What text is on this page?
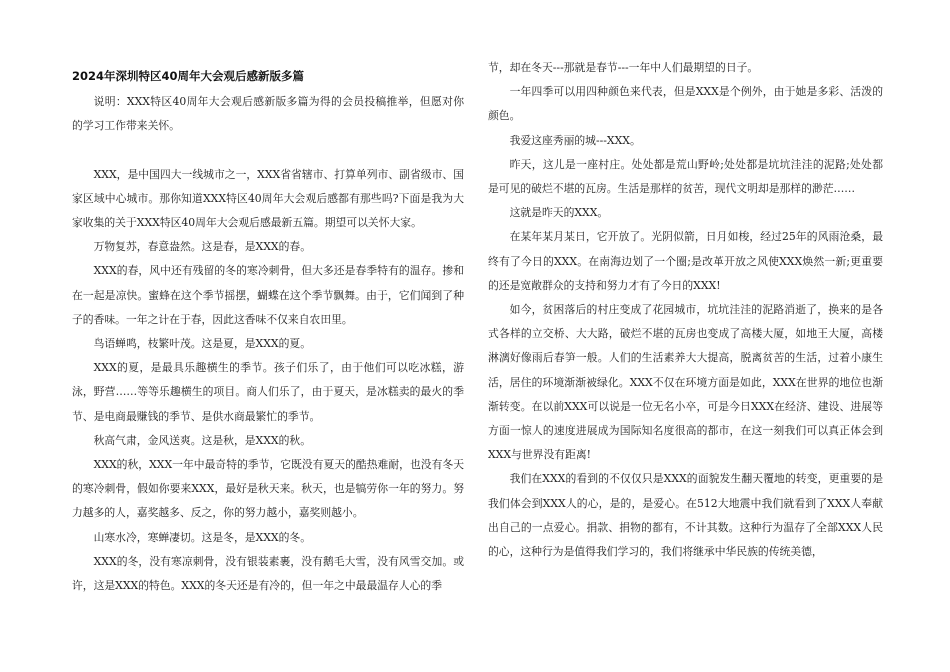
2024年深圳特区40周年大会观后感新版多篇

说明：XXX特区40周年大会观后感新版多篇为得的会员投稿推举，但愿对你的学习工作带来关怀。

XXX，是中国四大一线城市之一，XXX省省辖市、打算单列市、副省级市、国家区域中心城市。那你知道XXX特区40周年大会观后感都有那些吗?下面是我为大家收集的关于XXX特区40周年大会观后感最新五篇。期望可以关怀大家。

万物复苏，春意盎然。这是春，是XXX的春。

XXX的春，风中还有残留的冬的寒冷刺骨，但大多还是春季特有的温存。掺和在一起是凉快。蜜蜂在这个季节摇摆，蝴蝶在这个季节飘舞。由于，它们闻到了种子的香味。一年之计在于春，因此这香味不仅来自农田里。

鸟语蝉鸣，枝繁叶茂。这是夏，是XXX的夏。

XXX的夏，是最具乐趣横生的季节。孩子们乐了，由于他们可以吃冰糕，游泳，野营……等等乐趣横生的项目。商人们乐了，由于夏天，是冰糕卖的最火的季节、是电商最赚钱的季节、是供水商最繁忙的季节。

秋高气肃，金风送爽。这是秋，是XXX的秋。

XXX的秋，XXX一年中最奇特的季节，它既没有夏天的酷热难耐，也没有冬天的寒冷刺骨，假如你要来XXX，最好是秋天来。秋天，也是犒劳你一年的努力。努力越多的人，嘉奖越多、反之，你的努力越小，嘉奖则越小。

山寒水冷，寒蝉凄切。这是冬，是XXX的冬。

XXX的冬，没有寒凉刺骨，没有银装素裹，没有鹅毛大雪，没有风雪交加。或许，这是XXX的特色。XXX的冬天还是有冷的，但一年之中最最温存人心的季

节，却在冬天---那就是春节---一年中人们最期望的日子。

一年四季可以用四种颜色来代表，但是XXX是个例外，由于她是多彩、活泼的颜色。

我爱这座秀丽的城---XXX。

昨天，这儿是一座村庄。处处都是荒山野岭;处处都是坑坑洼洼的泥路;处处都是可见的破烂不堪的瓦房。生活是那样的贫苦，现代文明却是那样的渺茫……

这就是昨天的XXX。

在某年某月某日，它开放了。光阴似箭，日月如梭，经过25年的风雨沧桑，最终有了今日的XXX。在南海边划了一个圈;是改革开放之风使XXX焕然一新;更重要的还是宽敞群众的支持和努力才有了今日的XXX!

如今，贫困落后的村庄变成了花园城市，坑坑洼洼的泥路消逝了，换来的是各式各样的立交桥、大大路，破烂不堪的瓦房也变成了高楼大厦，如地王大厦，高楼淋漓好像雨后春笋一般。人们的生活素养大大提高，脱离贫苦的生活，过着小康生活，居住的环境渐渐被绿化。XXX不仅在环境方面是如此，XXX在世界的地位也渐渐转变。在以前XXX可以说是一位无名小卒，可是今日XXX在经济、建设、进展等方面一惊人的速度进展成为国际知名度很高的都市，在这一刻我们可以真正体会到XXX与世界没有距离!

我们在XXX的看到的不仅仅只是XXX的面貌发生翻天覆地的转变，更重要的是我们体会到XXX人的心，是的，是爱心。在512大地震中我们就看到了XXX人奉献出自己的一点爱心。捐款、捐物的都有，不计其数。这种行为温存了全部XXX人民的心，这种行为是值得我们学习的，我们将继承中华民族的传统美德，
